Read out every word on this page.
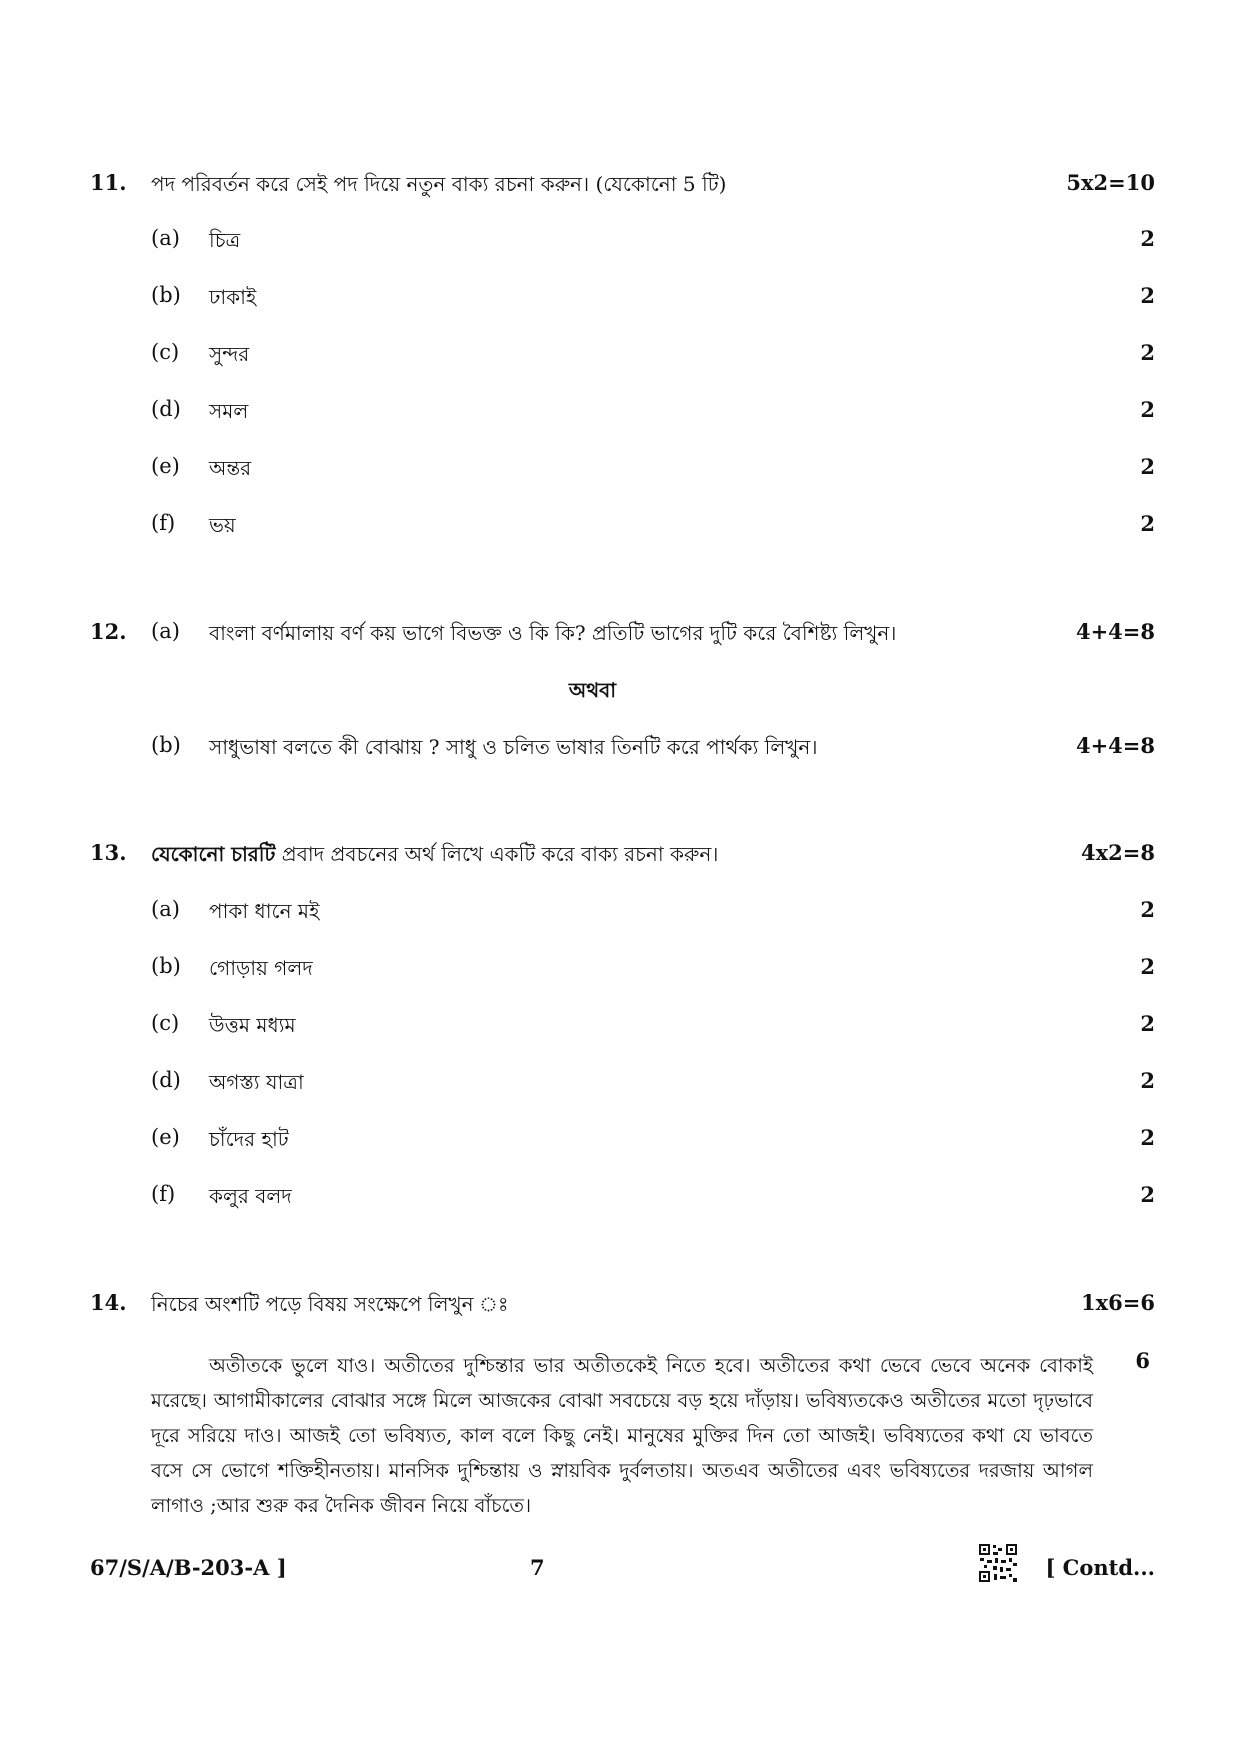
11. পদ পরিবর্তন করে সেই পদ দিয়ে নতুন বাক্য রচনা করুন। (যেকোনো 5 টি)	5x2=10
(a) চিত্র	2
(b) ঢাকাই	2
(c) সুন্দর	2
(d) সমল	2
(e) অন্তর	2
(f) ভয়	2
12. (a) বাংলা বর্ণমালায় বর্ণ কয় ভাগে বিভক্ত ও কি কি? প্রতিটি ভাগের দুটি করে বৈশিষ্ট্য লিখুন।	4+4=8
অথবা
(b) সাধুভাষা বলতে কী বোঝায় ? সাধু ও চলিত ভাষার তিনটি করে পার্থক্য লিখুন।	4+4=8
13. যেকোনো চারটি প্রবাদ প্রবচনের অর্থ লিখে একটি করে বাক্য রচনা করুন।	4x2=8
(a) পাকা ধানে মই	2
(b) গোড়ায় গলদ	2
(c) উত্তম মধ্যম	2
(d) অগস্ত্য যাত্রা	2
(e) চাঁদের হাট	2
(f) কলুর বলদ	2
14. নিচের অংশটি পড়ে বিষয় সংক্ষেপে লিখুন ঃ	1x6=6
অতীতকে ভুলে যাও। অতীতের দুশ্চিন্তার ভার অতীতকেই নিতে হবে। অতীতের কথা ভেবে ভেবে অনেক বোকাই মরেছে। আগামীকালের বোঝার সঙ্গে মিলে আজকের বোঝা সবচেয়ে বড় হয়ে দাঁড়ায়। ভবিষ্যতকেও অতীতের মতো দৃঢ়ভাবে দূরে সরিয়ে দাও। আজই তো ভবিষ্যত, কাল বলে কিছু নেই। মানুষের মুক্তির দিন তো আজই। ভবিষ্যতের কথা যে ভাবতে বসে সে ভোগে শক্তিহীনতায়। মানসিক দুশ্চিন্তায় ও স্নায়বিক দুর্বলতায়। অতএব অতীতের এবং ভবিষ্যতের দরজায় আগল লাগাও ;আর শুরু কর দৈনিক জীবন নিয়ে বাঁচতে।
6
67/S/A/B-203-A ]	7	[ Contd...
